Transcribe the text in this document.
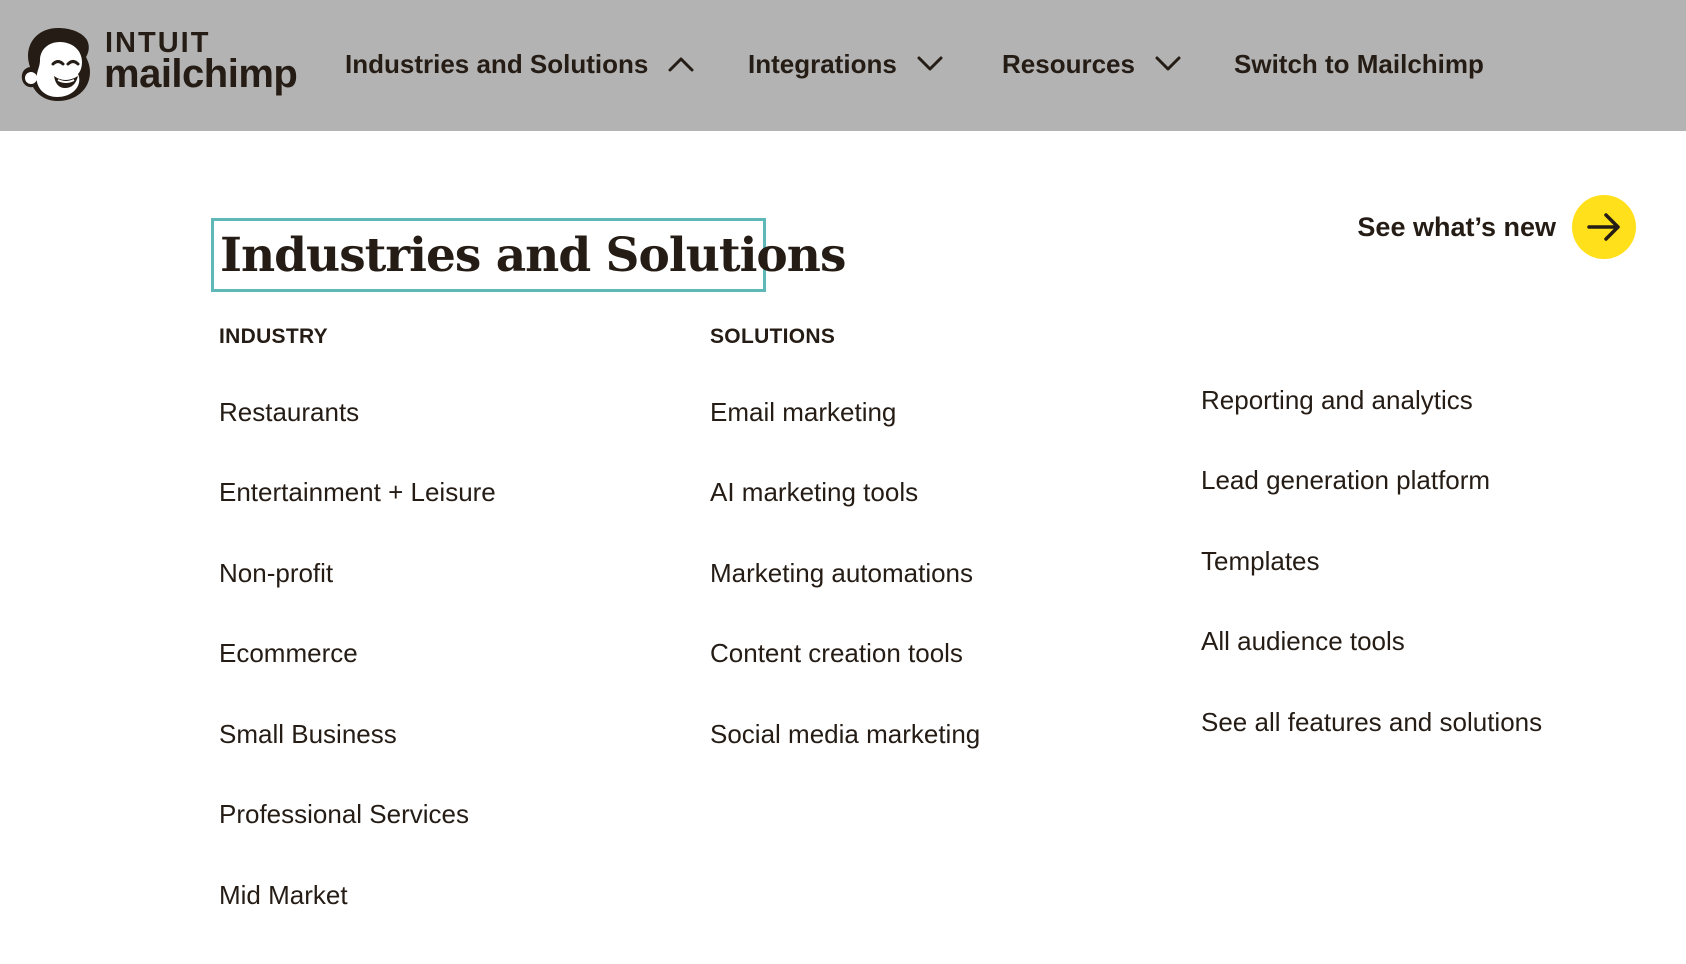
INTUIT
mailchimp Industries and Solutions	Integrations	Resources	Switch to Mailchimp
Industries and Solutions
See what’s new
INDUSTRY
Restaurants
Entertainment + Leisure
Non-profit
Ecommerce
Small Business
Professional Services
Mid Market
SOLUTIONS
Email marketing
AI marketing tools
Marketing automations
Content creation tools
Social media marketing
Reporting and analytics
Lead generation platform
Templates
All audience tools
See all features and solutions
